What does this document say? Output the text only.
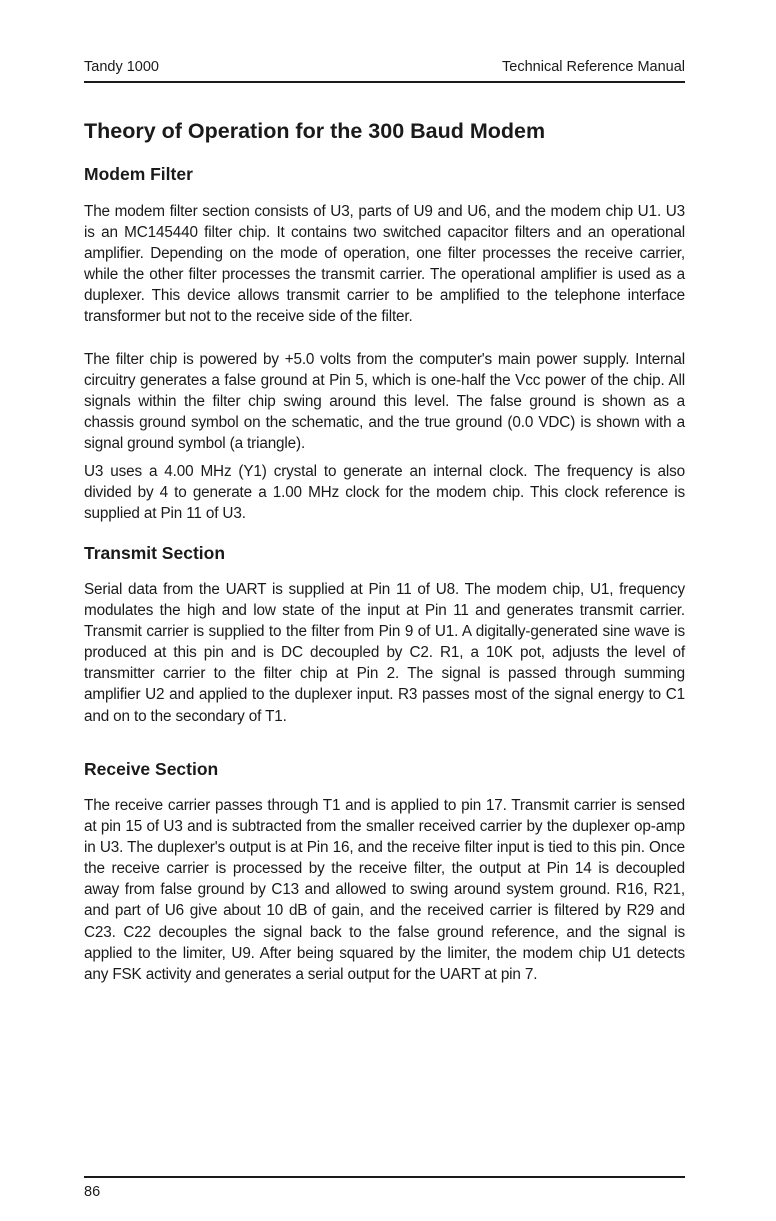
Tandy 1000	Technical Reference Manual
Theory of Operation for the 300 Baud Modem
Modem Filter

The modem filter section consists of U3, parts of U9 and U6, and the modem chip U1. U3 is an MC145440 filter chip. It contains two switched capacitor filters and an operational amplifier. Depending on the mode of operation, one filter processes the receive carrier, while the other filter processes the transmit carrier. The operational amplifier is used as a duplexer. This device allows transmit carrier to be amplified to the telephone interface transformer but not to the receive side of the filter.

The filter chip is powered by +5.0 volts from the computer's main power supply. Internal circuitry generates a false ground at Pin 5, which is one-half the Vcc power of the chip. All signals within the filter chip swing around this level. The false ground is shown as a chassis ground symbol on the schematic, and the true ground (0.0 VDC) is shown with a signal ground symbol (a triangle).

U3 uses a 4.00 MHz (Y1) crystal to generate an internal clock. The frequency is also divided by 4 to generate a 1.00 MHz clock for the modem chip. This clock reference is supplied at Pin 11 of U3.

Transmit Section

Serial data from the UART is supplied at Pin 11 of U8. The modem chip, U1, frequency modulates the high and low state of the input at Pin 11 and generates transmit carrier. Transmit carrier is supplied to the filter from Pin 9 of U1. A digitally-generated sine wave is produced at this pin and is DC decoupled by C2. R1, a 10K pot, adjusts the level of transmitter carrier to the filter chip at Pin 2. The signal is passed through summing amplifier U2 and applied to the duplexer input. R3 passes most of the signal energy to C1 and on to the secondary of T1.

Receive Section

The receive carrier passes through T1 and is applied to pin 17. Transmit carrier is sensed at pin 15 of U3 and is subtracted from the smaller received carrier by the duplexer op-amp in U3. The duplexer's output is at Pin 16, and the receive filter input is tied to this pin. Once the receive carrier is processed by the receive filter, the output at Pin 14 is decoupled away from false ground by C13 and allowed to swing around system ground. R16, R21, and part of U6 give about 10 dB of gain, and the received carrier is filtered by R29 and C23. C22 decouples the signal back to the false ground reference, and the signal is applied to the limiter, U9. After being squared by the limiter, the modem chip U1 detects any FSK activity and generates a serial output for the UART at pin 7.

86
